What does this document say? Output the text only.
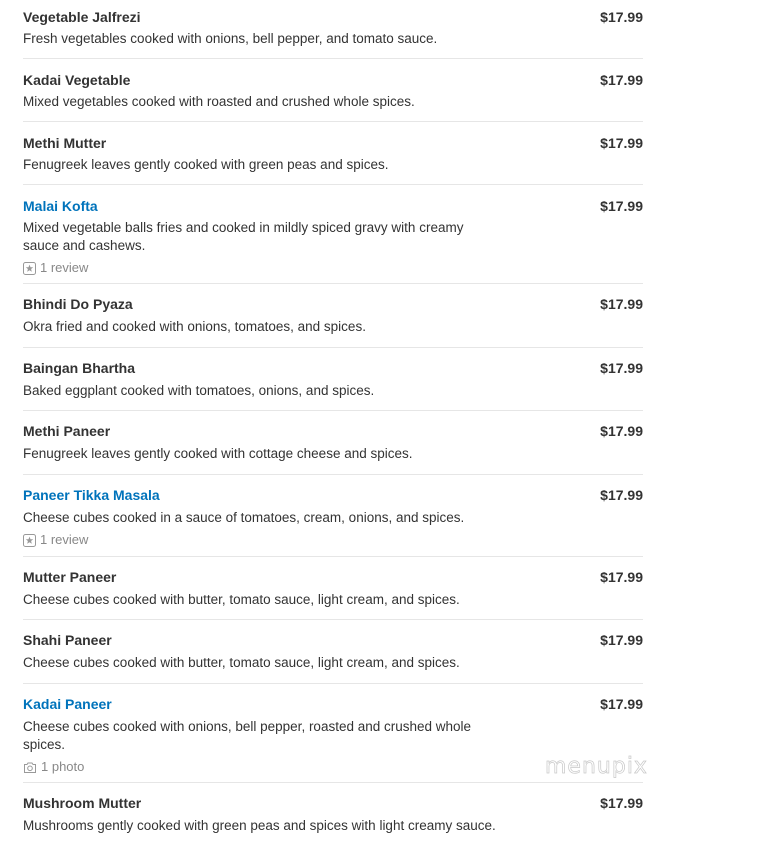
Vegetable Jalfrezi	$17.99
Fresh vegetables cooked with onions, bell pepper, and tomato sauce.
Kadai Vegetable	$17.99
Mixed vegetables cooked with roasted and crushed whole spices.
Methi Mutter	$17.99
Fenugreek leaves gently cooked with green peas and spices.
Malai Kofta	$17.99
Mixed vegetable balls fries and cooked in mildly spiced gravy with creamy sauce and cashews.
1 review
Bhindi Do Pyaza	$17.99
Okra fried and cooked with onions, tomatoes, and spices.
Baingan Bhartha	$17.99
Baked eggplant cooked with tomatoes, onions, and spices.
Methi Paneer	$17.99
Fenugreek leaves gently cooked with cottage cheese and spices.
Paneer Tikka Masala	$17.99
Cheese cubes cooked in a sauce of tomatoes, cream, onions, and spices.
1 review
Mutter Paneer	$17.99
Cheese cubes cooked with butter, tomato sauce, light cream, and spices.
Shahi Paneer	$17.99
Cheese cubes cooked with butter, tomato sauce, light cream, and spices.
Kadai Paneer	$17.99
Cheese cubes cooked with onions, bell pepper, roasted and crushed whole spices.
1 photo
Mushroom Mutter	$17.99
Mushrooms gently cooked with green peas and spices with light creamy sauce.
menupix
